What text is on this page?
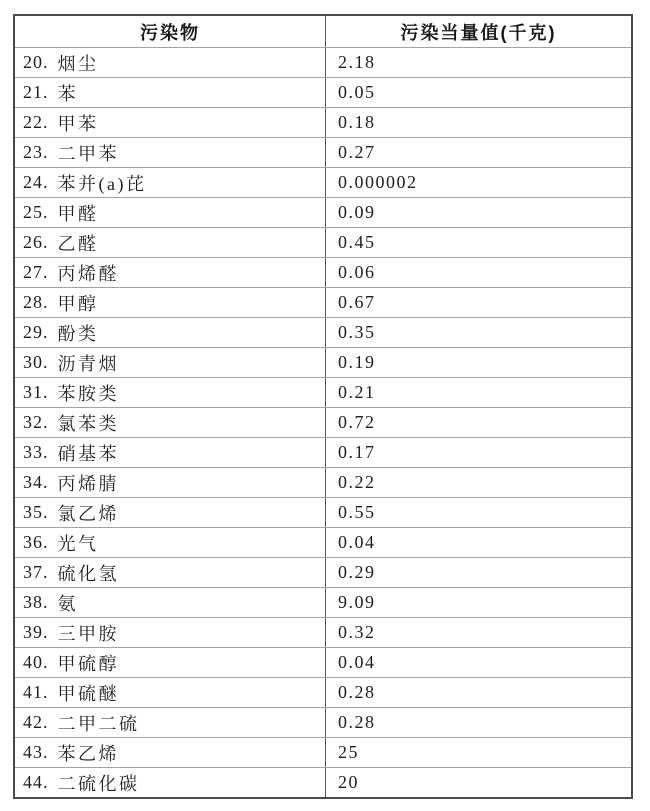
污染物	污染当量值(千克)
20. 烟尘	2.18
21. 苯	0.05
22. 甲苯	0.18
23. 二甲苯	0.27
24. 苯并(a)芘	0.000002
25. 甲醛	0.09
26. 乙醛	0.45
27. 丙烯醛	0.06
28. 甲醇	0.67
29. 酚类	0.35
30. 沥青烟	0.19
31. 苯胺类	0.21
32. 氯苯类	0.72
33. 硝基苯	0.17
34. 丙烯腈	0.22
35. 氯乙烯	0.55
36. 光气	0.04
37. 硫化氢	0.29
38. 氨	9.09
39. 三甲胺	0.32
40. 甲硫醇	0.04
41. 甲硫醚	0.28
42. 二甲二硫	0.28
43. 苯乙烯	25
44. 二硫化碳	20
